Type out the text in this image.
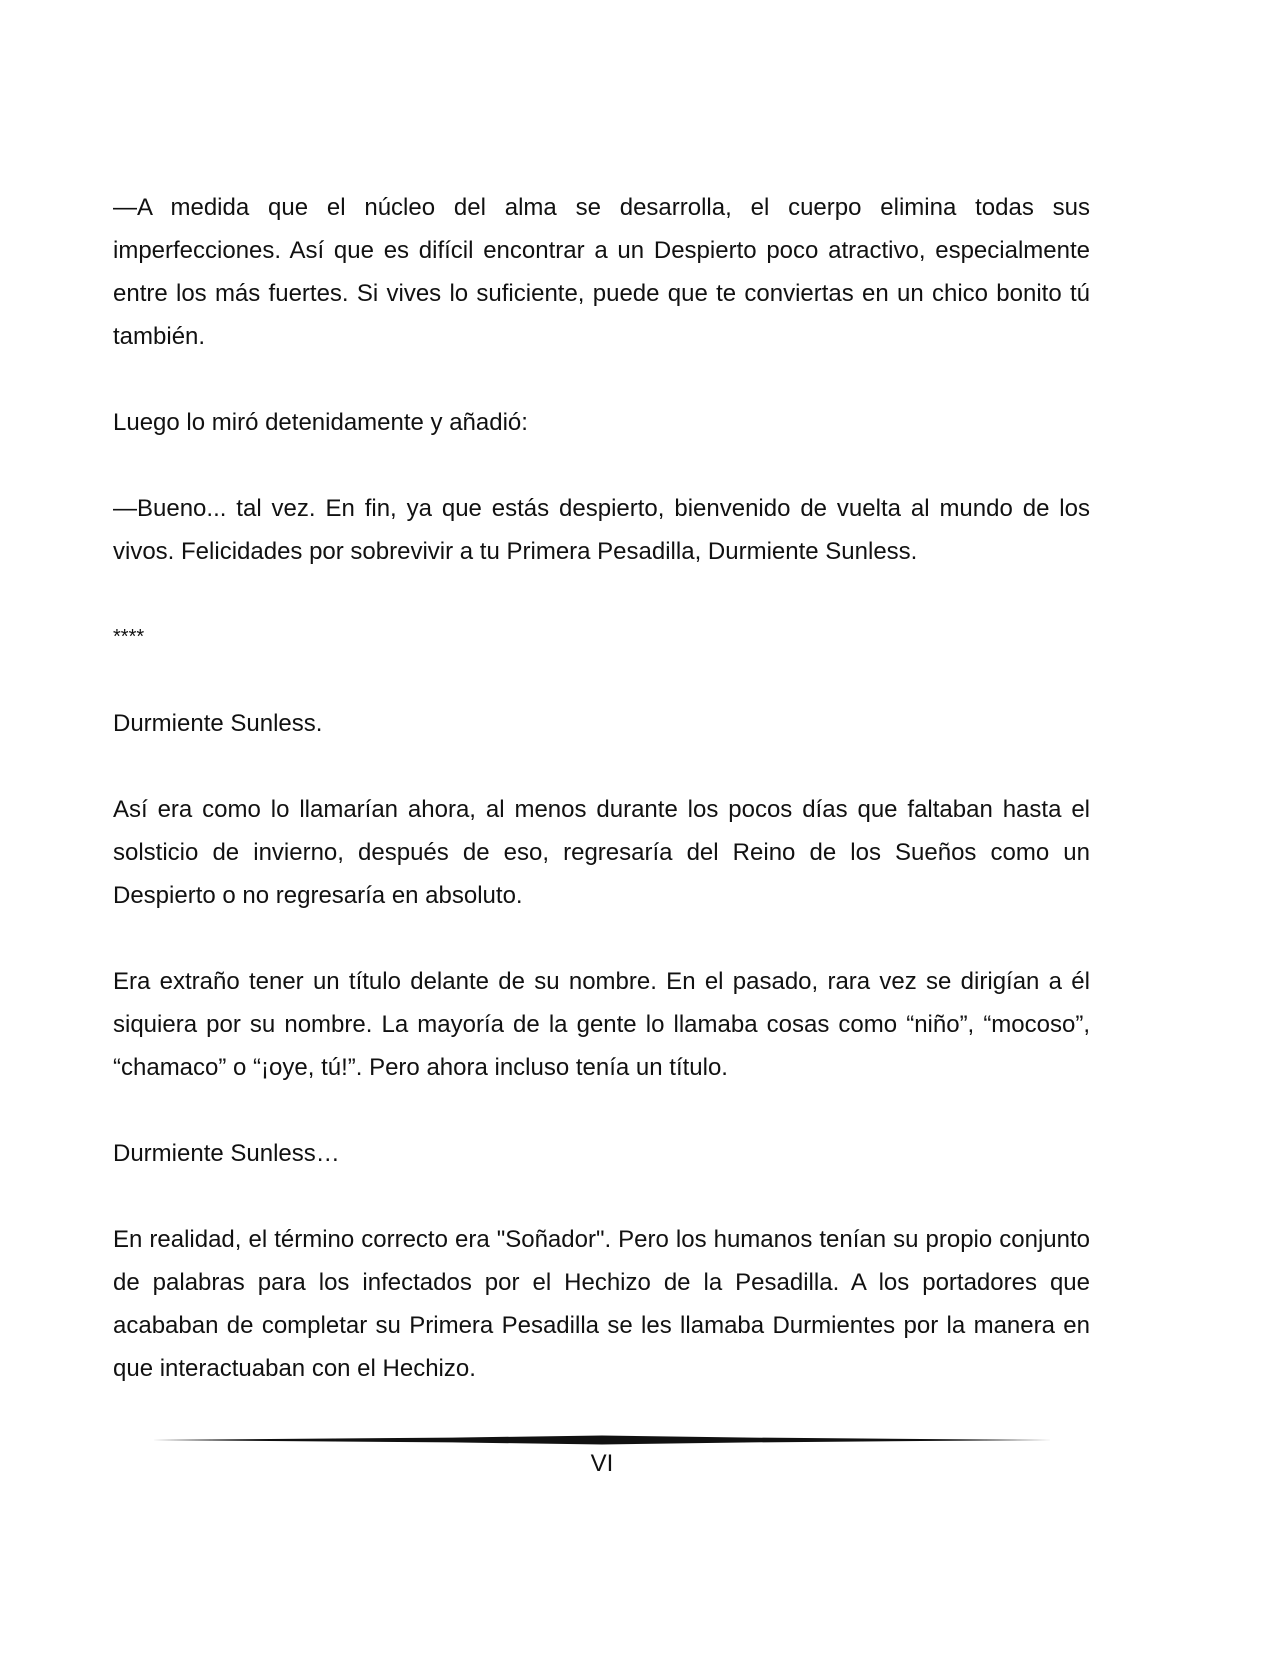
—A medida que el núcleo del alma se desarrolla, el cuerpo elimina todas sus imperfecciones. Así que es difícil encontrar a un Despierto poco atractivo, especialmente entre los más fuertes. Si vives lo suficiente, puede que te conviertas en un chico bonito tú también.

Luego lo miró detenidamente y añadió:

—Bueno... tal vez. En fin, ya que estás despierto, bienvenido de vuelta al mundo de los vivos. Felicidades por sobrevivir a tu Primera Pesadilla, Durmiente Sunless.

****

Durmiente Sunless.

Así era como lo llamarían ahora, al menos durante los pocos días que faltaban hasta el solsticio de invierno, después de eso, regresaría del Reino de los Sueños como un Despierto o no regresaría en absoluto.

Era extraño tener un título delante de su nombre. En el pasado, rara vez se dirigían a él siquiera por su nombre. La mayoría de la gente lo llamaba cosas como “niño”, “mocoso”, “chamaco” o “¡oye, tú!”. Pero ahora incluso tenía un título.

Durmiente Sunless…

En realidad, el término correcto era "Soñador". Pero los humanos tenían su propio conjunto de palabras para los infectados por el Hechizo de la Pesadilla. A los portadores que acababan de completar su Primera Pesadilla se les llamaba Durmientes por la manera en que interactuaban con el Hechizo.

VI
